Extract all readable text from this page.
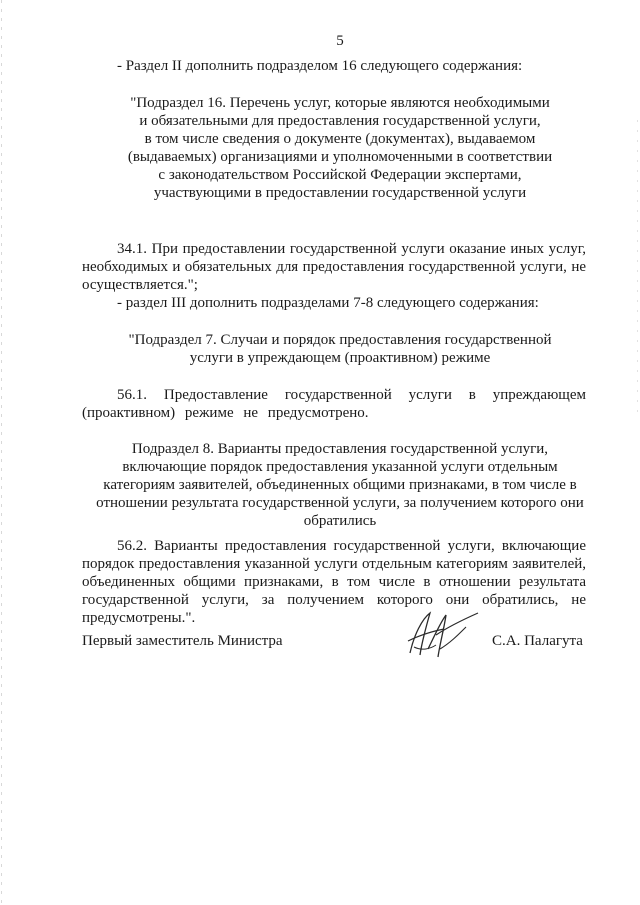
5
- Раздел II дополнить подразделом 16 следующего содержания:
"Подраздел 16. Перечень услуг, которые являются необходимыми
и обязательными для предоставления государственной услуги,
в том числе сведения о документе (документах), выдаваемом
(выдаваемых) организациями и уполномоченными в соответствии
с законодательством Российской Федерации экспертами,
участвующими в предоставлении государственной услуги
34.1. При предоставлении государственной услуги оказание иных услуг, необходимых и обязательных для предоставления государственной услуги, не осуществляется.";
- раздел III дополнить подразделами 7-8 следующего содержания:
"Подраздел 7. Случаи и порядок предоставления государственной
услуги в упреждающем (проактивном) режиме
56.1. Предоставление государственной услуги в упреждающем (проактивном) режиме не предусмотрено.
Подраздел 8. Варианты предоставления государственной услуги,
включающие порядок предоставления указанной услуги отдельным
категориям заявителей, объединенных общими признаками, в том числе в
отношении результата государственной услуги, за получением которого они
обратились
56.2. Варианты предоставления государственной услуги, включающие порядок предоставления указанной услуги отдельным категориям заявителей, объединенных общими признаками, в том числе в отношении результата государственной услуги, за получением которого они обратились, не предусмотрены.".
Первый заместитель Министра	С.А. Палагута
